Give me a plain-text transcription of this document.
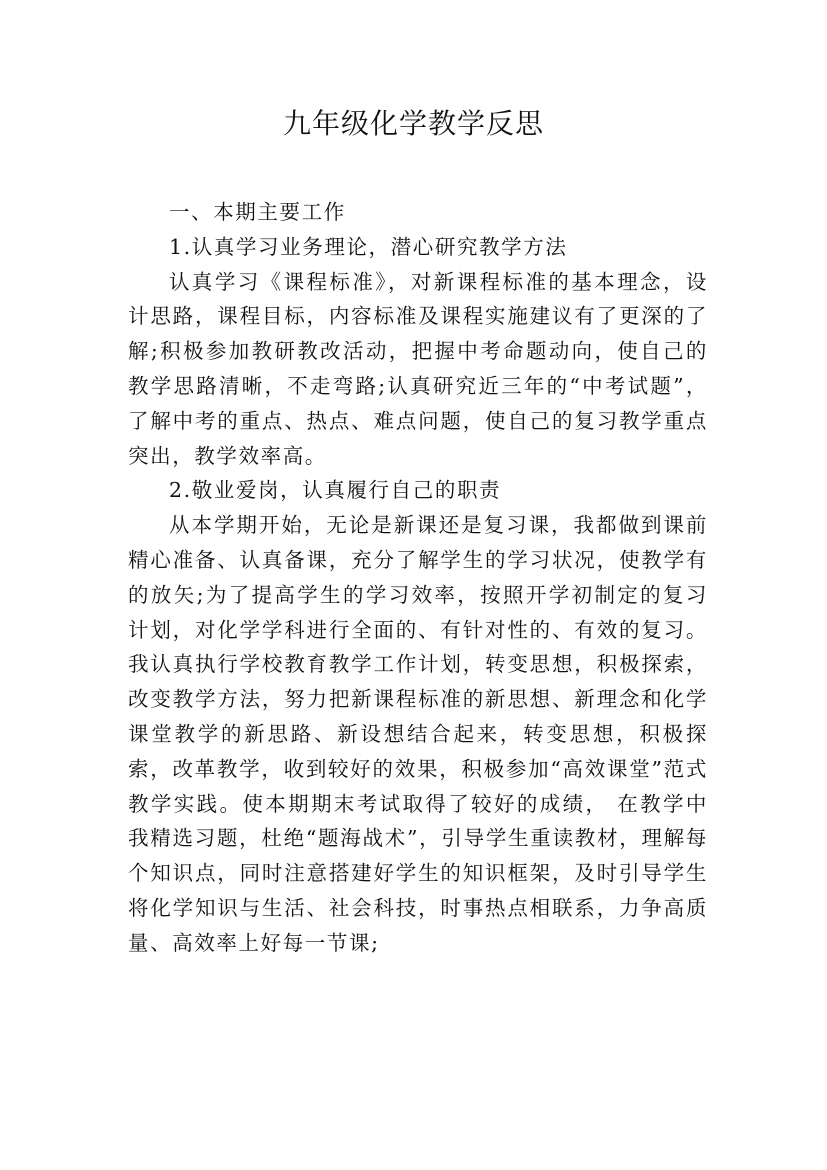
九年级化学教学反思

一、本期主要工作

1.认真学习业务理论，潜心研究教学方法

认真学习《课程标准》，对新课程标准的基本理念，设计思路，课程目标，内容标准及课程实施建议有了更深的了解;积极参加教研教改活动，把握中考命题动向，使自己的教学思路清晰，不走弯路;认真研究近三年的“中考试题”，了解中考的重点、热点、难点问题，使自己的复习教学重点突出，教学效率高。

2.敬业爱岗，认真履行自己的职责

从本学期开始，无论是新课还是复习课，我都做到课前精心准备、认真备课，充分了解学生的学习状况，使教学有的放矢;为了提高学生的学习效率，按照开学初制定的复习计划，对化学学科进行全面的、有针对性的、有效的复习。我认真执行学校教育教学工作计划，转变思想，积极探索，改变教学方法，努力把新课程标准的新思想、新理念和化学课堂教学的新思路、新设想结合起来，转变思想，积极探索，改革教学，收到较好的效果，积极参加“高效课堂”范式教学实践。使本期期末考试取得了较好的成绩， 在教学中我精选习题，杜绝“题海战术”，引导学生重读教材，理解每个知识点，同时注意搭建好学生的知识框架，及时引导学生将化学知识与生活、社会科技，时事热点相联系，力争高质量、高效率上好每一节课;
